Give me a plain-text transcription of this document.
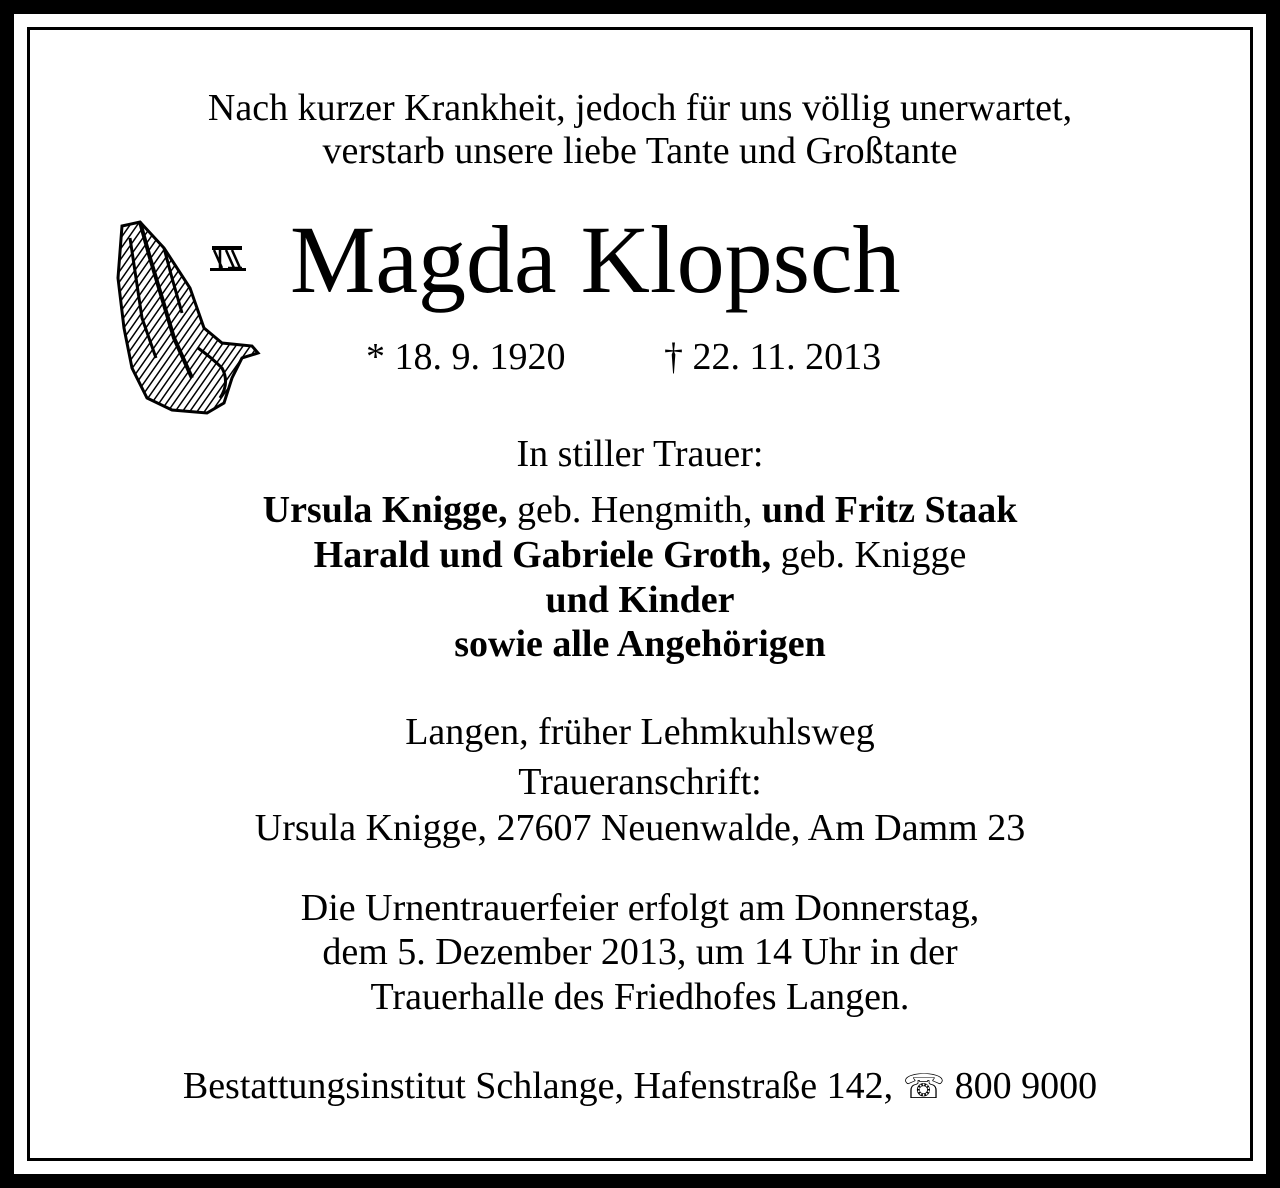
Nach kurzer Krankheit, jedoch für uns völlig unerwartet,
verstarb unsere liebe Tante und Großtante
Magda Klopsch
* 18. 9. 1920	† 22. 11. 2013
In stiller Trauer:
Ursula Knigge, geb. Hengmith, und Fritz Staak
Harald und Gabriele Groth, geb. Knigge
und Kinder
sowie alle Angehörigen
Langen, früher Lehmkuhlsweg
Traueranschrift:
Ursula Knigge, 27607 Neuenwalde, Am Damm 23
Die Urnentrauerfeier erfolgt am Donnerstag,
dem 5. Dezember 2013, um 14 Uhr in der
Trauerhalle des Friedhofes Langen.
Bestattungsinstitut Schlange, Hafenstraße 142, ☏ 800 9000
